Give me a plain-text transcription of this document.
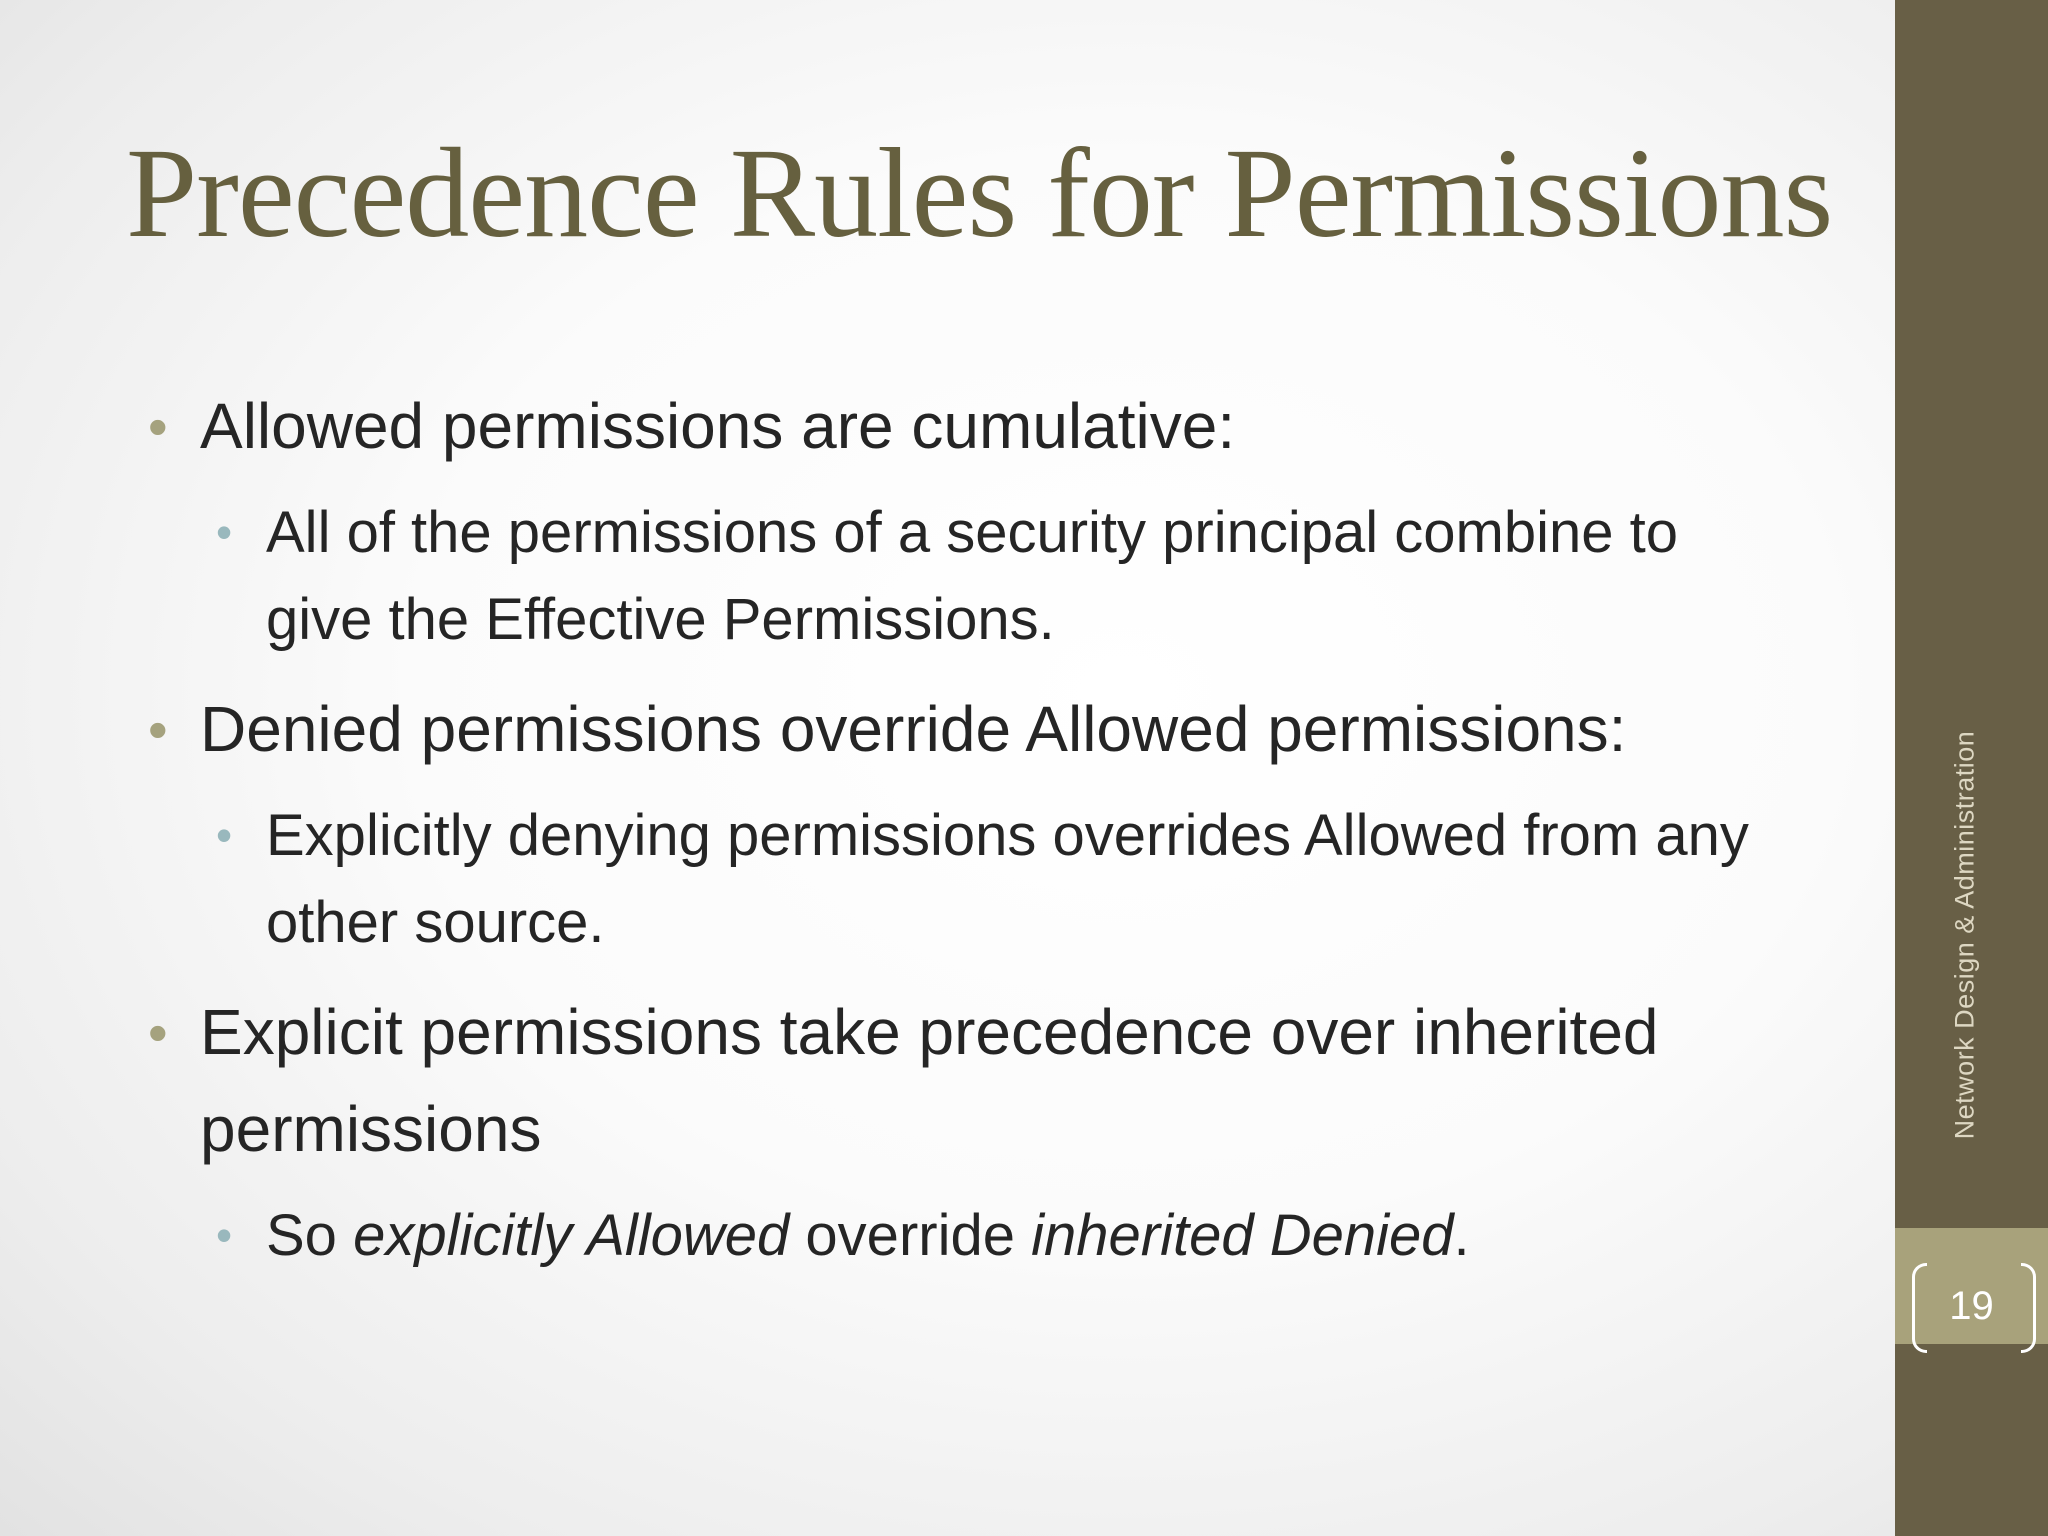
Precedence Rules for Permissions
• Allowed permissions are cumulative:
• All of the permissions of a security principal combine to give the Effective Permissions.
• Denied permissions override Allowed permissions:
• Explicitly denying permissions overrides Allowed from any other source.
• Explicit permissions take precedence over inherited permissions
• So explicitly Allowed override inherited Denied.
Network Design & Administration
19
